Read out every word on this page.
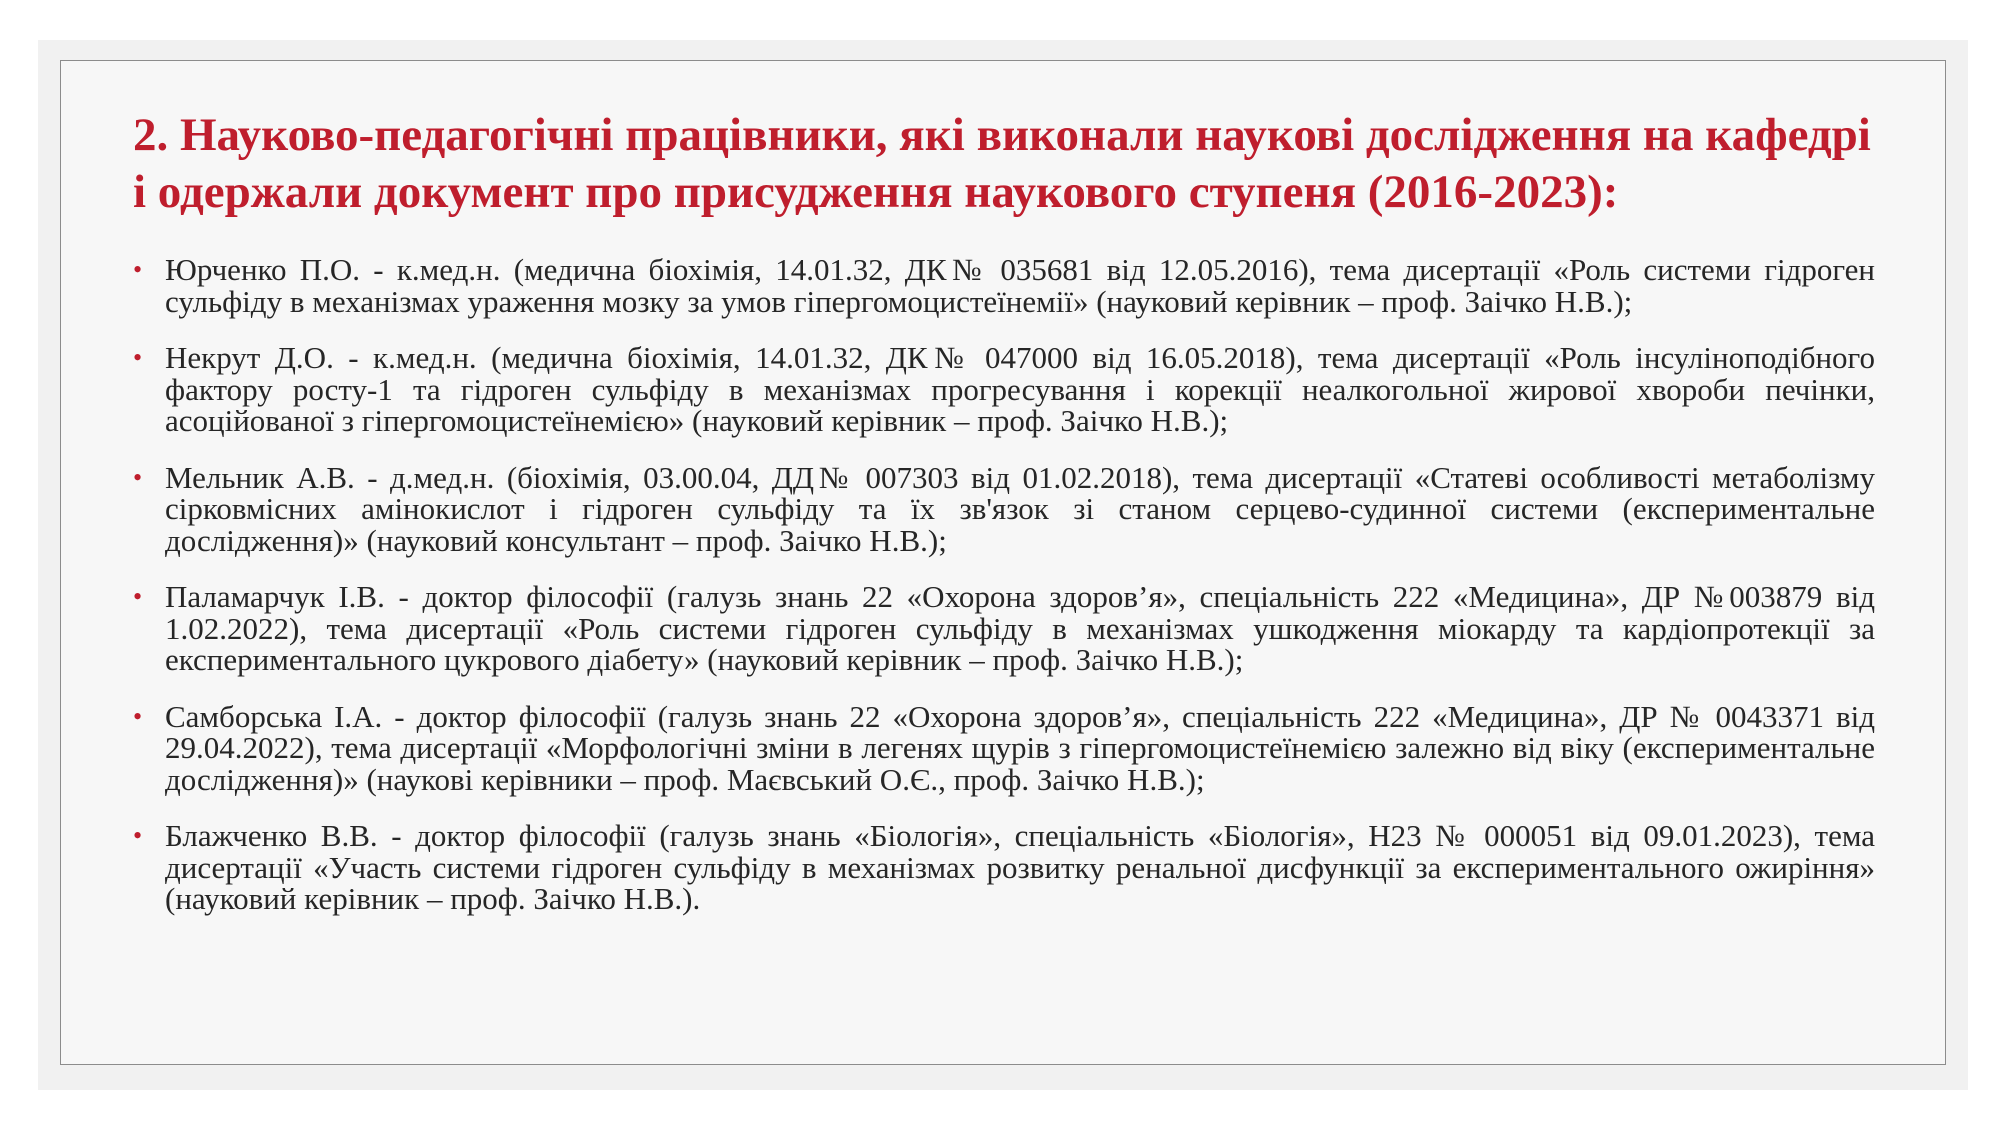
2. Науково-педагогічні працівники, які виконали наукові дослідження на кафедрі і одержали документ про присудження наукового ступеня (2016-2023):
• Юрченко П.О. - к.мед.н. (медична біохімія, 14.01.32, ДК№ 035681 від 12.05.2016), тема дисертації «Роль системи гідроген сульфіду в механізмах ураження мозку за умов гіпергомоцистеїнемії» (науковий керівник – проф. Заічко Н.В.);
• Некрут Д.О. - к.мед.н. (медична біохімія, 14.01.32, ДК№ 047000 від 16.05.2018), тема дисертації «Роль інсуліноподібного фактору росту-1 та гідроген сульфіду в механізмах прогресування і корекції неалкогольної жирової хвороби печінки, асоційованої з гіпергомоцистеїнемією» (науковий керівник – проф. Заічко Н.В.);
• Мельник А.В. - д.мед.н. (біохімія, 03.00.04, ДД№ 007303 від 01.02.2018), тема дисертації «Статеві особливості метаболізму сірковмісних амінокислот і гідроген сульфіду та їх зв'язок зі станом серцево-судинної системи (експериментальне дослідження)» (науковий консультант – проф. Заічко Н.В.);
• Паламарчук І.В. - доктор філософії (галузь знань 22 «Охорона здоров’я», спеціальність 222 «Медицина», ДР №003879 від 1.02.2022), тема дисертації «Роль системи гідроген сульфіду в механізмах ушкодження міокарду та кардіопротекції за експериментального цукрового діабету» (науковий керівник – проф. Заічко Н.В.);
• Самборська І.А. - доктор філософії (галузь знань 22 «Охорона здоров’я», спеціальність 222 «Медицина», ДР № 0043371 від 29.04.2022), тема дисертації «Морфологічні зміни в легенях щурів з гіпергомоцистеїнемією залежно від віку (експериментальне дослідження)» (наукові керівники – проф. Маєвський О.Є., проф. Заічко Н.В.);
• Блажченко В.В. - доктор філософії (галузь знань «Біологія», спеціальність «Біологія», Н23 № 000051 від 09.01.2023), тема дисертації «Участь системи гідроген сульфіду в механізмах розвитку ренальної дисфункції за експериментального ожиріння» (науковий керівник – проф. Заічко Н.В.).
